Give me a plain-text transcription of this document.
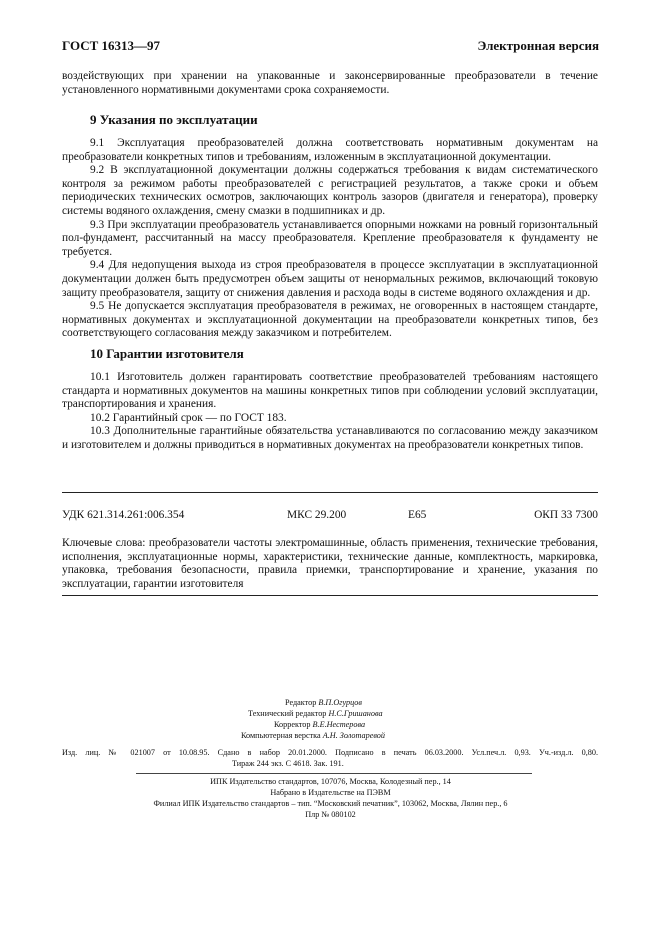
ГОСТ 16313—97	Электронная версия

воздействующих при хранении на упакованные и законсервированные преобразователи в течение установленного нормативными документами срока сохраняемости.

9 Указания по эксплуатации

9.1 Эксплуатация преобразователей должна соответствовать нормативным документам на преобразователи конкретных типов и требованиям, изложенным в эксплуатационной документации.

9.2 В эксплуатационной документации должны содержаться требования к видам систематического контроля за режимом работы преобразователей с регистрацией результатов, а также сроки и объем периодических технических осмотров, заключающих контроль зазоров (двигателя и генератора), проверку системы водяного охлаждения, смену смазки в подшипниках и др.

9.3 При эксплуатации преобразователь устанавливается опорными ножками на ровный горизонтальный пол-фундамент, рассчитанный на массу преобразователя. Крепление преобразователя к фундаменту не требуется.

9.4 Для недопущения выхода из строя преобразователя в процессе эксплуатации в эксплуатационной документации должен быть предусмотрен объем защиты от ненормальных режимов, включающий токовую защиту преобразователя, защиту от снижения давления и расхода воды в системе водяного охлаждения и др.

9.5 Не допускается эксплуатация преобразователя в режимах, не оговоренных в настоящем стандарте, нормативных документах и эксплуатационной документации на преобразователи конкретных типов, без соответствующего согласования между заказчиком и потребителем.

10 Гарантии изготовителя

10.1 Изготовитель должен гарантировать соответствие преобразователей требованиям настоящего стандарта и нормативных документов на машины конкретных типов при соблюдении условий эксплуатации, транспортирования и хранения.

10.2 Гарантийный срок — по ГОСТ 183.

10.3 Дополнительные гарантийные обязательства устанавливаются по согласованию между заказчиком и изготовителем и должны приводиться в нормативных документах на преобразователи конкретных типов.

УДК 621.314.261:006.354	МКС 29.200	Е65	ОКП 33 7300

Ключевые слова: преобразователи частоты электромашинные, область применения, технические требования, исполнения, эксплуатационные нормы, характеристики, технические данные, комплектность, маркировка, упаковка, требования безопасности, правила приемки, транспортирование и хранение, указания по эксплуатации, гарантии изготовителя

Редактор В.П.Огурцов
Технический редактор Н.С.Гришанова
Корректор В.Е.Нестерова
Компьютерная верстка А.Н. Золотаревой
Изд. лиц. № 021007 от 10.08.95. Сдано в набор 20.01.2000. Подписано в печать 06.03.2000. Усл.печ.л. 0,93. Уч.-изд.л. 0,80.
Тираж 244 экз. С 4618. Зак. 191.
ИПК Издательство стандартов, 107076, Москва, Колодезный пер., 14
Набрано в Издательстве на ПЭВМ
Филиал ИПК Издательство стандартов – тип. “Московский печатник”, 103062, Москва, Лялин пер., 6
Плр № 080102
